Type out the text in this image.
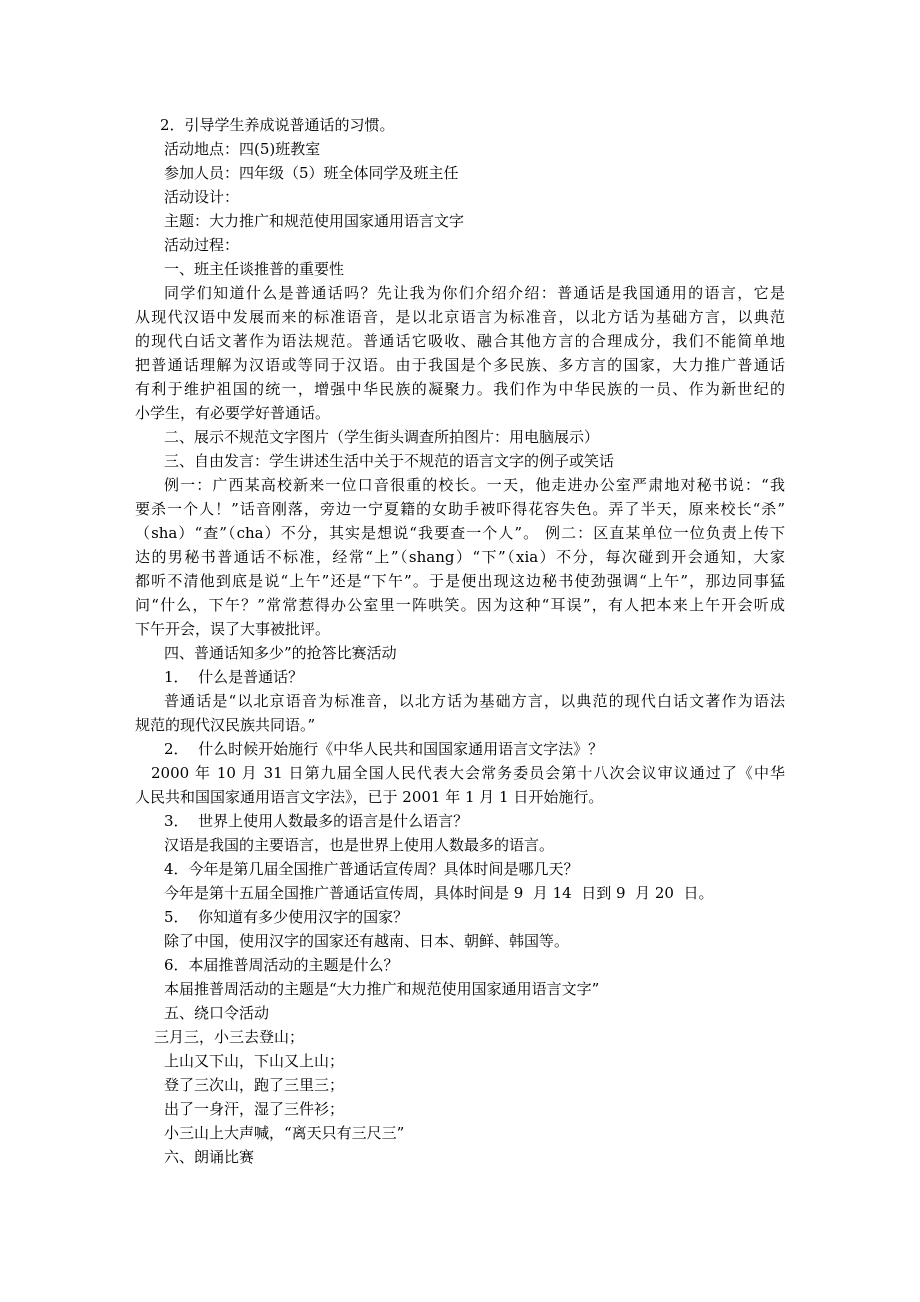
2．引导学生养成说普通话的习惯。

活动地点：四(5)班教室

参加人员：四年级（5）班全体同学及班主任

活动设计：

主题：大力推广和规范使用国家通用语言文字

活动过程：

一、班主任谈推普的重要性

同学们知道什么是普通话吗？先让我为你们介绍介绍：普通话是我国通用的语言，它是

从现代汉语中发展而来的标准语音，是以北京语言为标准音，以北方话为基础方言，以典范

的现代白话文著作为语法规范。普通话它吸收、融合其他方言的合理成分，我们不能简单地

把普通话理解为汉语或等同于汉语。由于我国是个多民族、多方言的国家，大力推广普通话

有利于维护祖国的统一，增强中华民族的凝聚力。我们作为中华民族的一员、作为新世纪的

小学生，有必要学好普通话。

二、展示不规范文字图片（学生街头调查所拍图片：用电脑展示）

三、自由发言：学生讲述生活中关于不规范的语言文字的例子或笑话

例一：广西某高校新来一位口音很重的校长。一天，他走进办公室严肃地对秘书说：“我

要杀一个人！”话音刚落，旁边一宁夏籍的女助手被吓得花容失色。弄了半天，原来校长“杀”

（sha）“查”（cha）不分，其实是想说“我要查一个人”。 例二：区直某单位一位负责上传下

达的男秘书普通话不标准，经常“上”（shang）“下”（xia）不分，每次碰到开会通知，大家

都听不清他到底是说“上午”还是“下午”。于是便出现这边秘书使劲强调“上午”，那边同事猛

问“什么，下午？”常常惹得办公室里一阵哄笑。因为这种“耳误”，有人把本来上午开会听成

下午开会，误了大事被批评。

四、普通话知多少”的抢答比赛活动

1．  什么是普通话？

普通话是“以北京语音为标准音，以北方话为基础方言，以典范的现代白话文著作为语法

规范的现代汉民族共同语。”

2．  什么时候开始施行《中华人民共和国国家通用语言文字法》？

2000 年 10 月 31 日第九届全国人民代表大会常务委员会第十八次会议审议通过了《中华

人民共和国国家通用语言文字法》，已于 2001 年 1 月 1 日开始施行。

3．  世界上使用人数最多的语言是什么语言？

汉语是我国的主要语言，也是世界上使用人数最多的语言。

4．今年是第几届全国推广普通话宣传周？具体时间是哪几天？

今年是第十五届全国推广普通话宣传周，具体时间是 9  月 14  日到 9  月 20  日。

5．  你知道有多少使用汉字的国家？

除了中国，使用汉字的国家还有越南、日本、朝鲜、韩国等。

6．本届推普周活动的主题是什么？

本届推普周活动的主题是“大力推广和规范使用国家通用语言文字”

五、绕口令活动

三月三，小三去登山；

上山又下山，下山又上山；

登了三次山，跑了三里三；

出了一身汗，湿了三件衫；

小三山上大声喊，“离天只有三尺三”

六、朗诵比赛
